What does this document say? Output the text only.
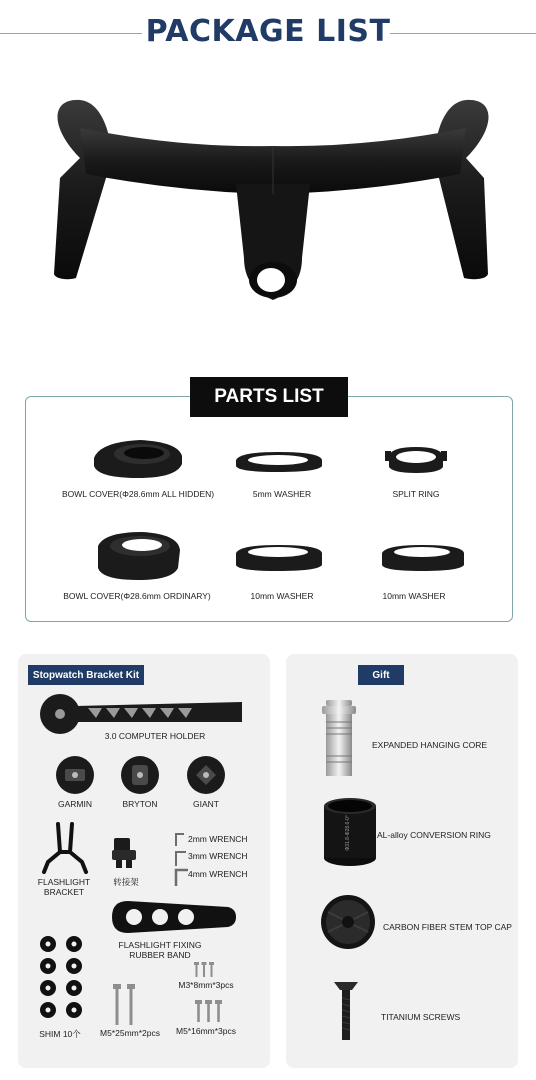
PACKAGE LIST
PARTS LIST
BOWL COVER(Φ28.6mm ALL HIDDEN)	5mm WASHER	SPLIT RING
BOWL COVER(Φ28.6mm ORDINARY)	10mm WASHER	10mm WASHER
Stopwatch Bracket Kit
3.0 COMPUTER HOLDER
GARMIN	BRYTON	GIANT
FLASHLIGHT
BRACKET
转接架
2mm WRENCH
3mm WRENCH
4mm WRENCH
SHIM 10个
FLASHLIGHT FIXING
RUBBER BAND
M3*8mm*3pcs
M5*25mm*2pcs	M5*16mm*3pcs
Gift
EXPANDED HANGING CORE
Φ31.8-Φ28.6-0°	AL-alloy CONVERSION RING
CARBON FIBER STEM TOP CAP
TITANIUM SCREWS
